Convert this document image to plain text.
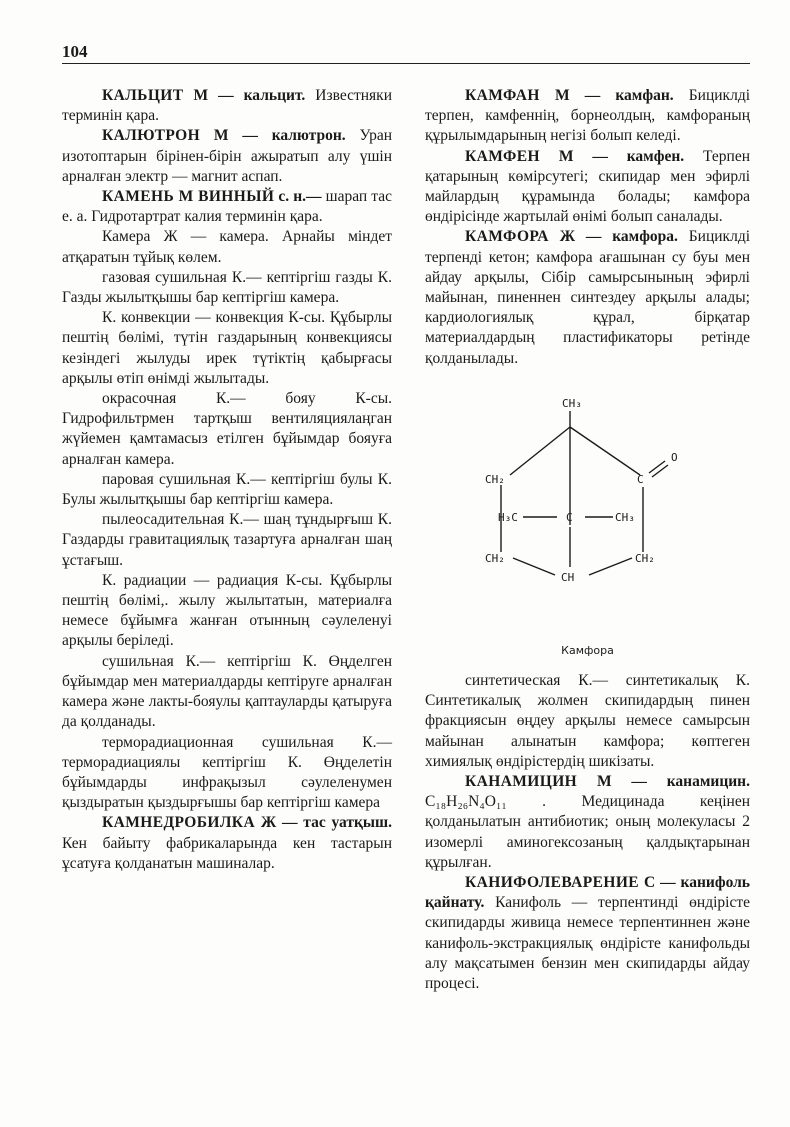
104

КАЛЬЦИТ М — кальцит. Известняки терминін қара.

КАЛЮТРОН М — калютрон. Уран изотоптарын бірінен-бірін ажыратып алу үшін арналған электр — магнит аспап.

КАМЕНЬ М ВИННЫЙ с. н.— шарап тас е. а. Гидротартрат калия терминін қара.

Камера Ж — камера. Арнайы міндет атқаратын тұйық көлем.

газовая сушильная К.— кептіргіш газды К. Газды жылытқышы бар кептіргіш камера.

К. конвекции — конвекция К-сы. Құбырлы пештің бөлімі, түтін газдарының конвекциясы кезіндегі жылуды ирек түтіктің қабырғасы арқылы өтіп өнімді жылытады.

окрасочная К.— бояу К-сы. Гидрофильтрмен тартқыш вентиляциялаңган жүйемен қамтамасыз етілген бұйымдар бояуға арналған камера.

паровая сушильная К.— кептіргіш булы К. Булы жылытқышы бар кептіргіш камера.

пылеосадительная К.— шаң тұндырғыш К. Газдарды гравитациялық тазартуға арналған шаң ұстағыш.

К. радиации — радиация К-сы. Құбырлы пештің бөлімі,. жылу жылытатын, материалға немесе бұйымға жанған отынның сәулеленуі арқылы беріледі.

сушильная К.— кептіргіш К. Өңделген бұйымдар мен материалдарды кептіруге арналған камера және лакты-бояулы қаптауларды қатыруға да қолданады.

терморадиационная сушильная К.— терморадиациялы кептіргіш К. Өңделетін бұйымдарды инфрақызыл сәулеленумен қыздыратын қыздырғышы бар кептіргіш камера

КАМНЕДРОБИЛКА Ж — тас уатқыш. Кен байыту фабрикаларында кен тастарын ұсатуға қолданатын машиналар.

КАМФАН М — камфан. Бициклді терпен, камфеннің, борнеолдың, камфораның құрылымдарының негізі болып келеді.

КАМФЕН М — камфен. Терпен қатарының көмірсутегі; скипидар мен эфирлі майлардың құрамында болады; камфора өндірісінде жартылай өнімі болып саналады.

КАМФОРА Ж — камфора. Бициклді терпенді кетон; камфора ағашынан су буы мен айдау арқылы, Сібір самырсынының эфирлі майынан, пиненнен синтездеу арқылы алады; кардиологиялық құрал, бірқатар материалдардың пластификаторы ретінде қолданылады.

CH₃
O
C
CH₂
H₃C	C	CH₃
CH₂	CH₂
CH

Камфора

синтетическая К.— синтетикалық К. Синтетикалық жолмен скипидардың пинен фракциясын өңдеу арқылы немесе самырсын майынан алынатын камфора; көптеген химиялық өндірістердің шикізаты.

КАНАМИЦИН М — канамицин. C₁₈H₂₆N₄O₁₁ . Медицинада кеңінен қолданылатын антибиотик; оның молекуласы 2 изомерлі аминогексозаның қалдықтарынан құрылған.

КАНИФОЛЕВАРЕНИЕ С — канифоль қайнату. Канифоль — терпентинді өндірісте скипидарды живица немесе терпентиннен және канифоль-экстракциялық өндірісте канифольды алу мақсатымен бензин мен скипидарды айдау процесі.
